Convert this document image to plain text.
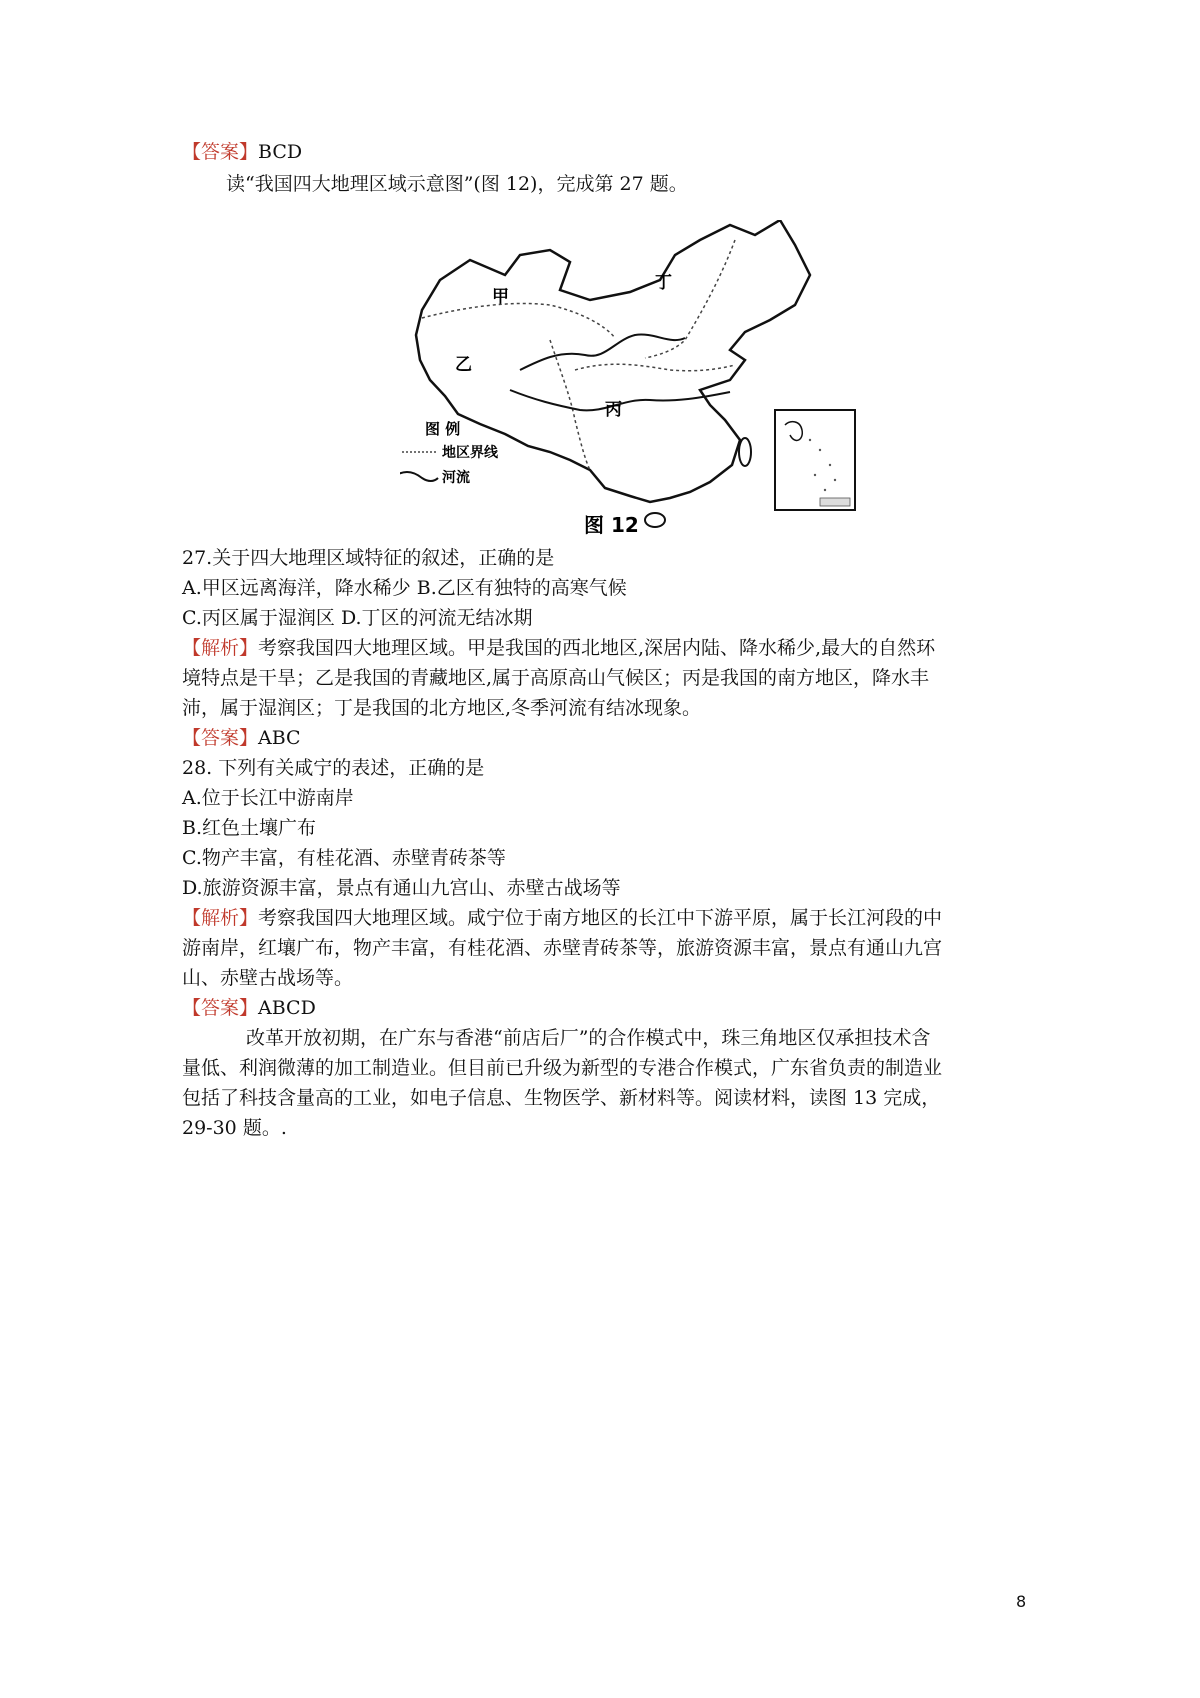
【答案】BCD
读“我国四大地理区域示意图”(图 12)，完成第 27 题。
甲
乙
丙
丁
图 例
地区界线
河流
图 12
27.关于四大地理区域特征的叙述，正确的是
A.甲区远离海洋，降水稀少 B.乙区有独特的高寒气候
C.丙区属于湿润区 D.丁区的河流无结冰期
【解析】考察我国四大地理区域。甲是我国的西北地区,深居内陆、降水稀少,最大的自然环
境特点是干旱；乙是我国的青藏地区,属于高原高山气候区；丙是我国的南方地区，降水丰
沛，属于湿润区；丁是我国的北方地区,冬季河流有结冰现象。
【答案】ABC
28. 下列有关咸宁的表述，正确的是
A.位于长江中游南岸
B.红色土壤广布
C.物产丰富，有桂花酒、赤壁青砖茶等
D.旅游资源丰富，景点有通山九宫山、赤壁古战场等
【解析】考察我国四大地理区域。咸宁位于南方地区的长江中下游平原，属于长江河段的中
游南岸，红壤广布，物产丰富，有桂花酒、赤壁青砖茶等，旅游资源丰富，景点有通山九宫
山、赤壁古战场等。
【答案】ABCD
改革开放初期，在广东与香港“前店后厂”的合作模式中，珠三角地区仅承担技术含
量低、利润微薄的加工制造业。但目前已升级为新型的专港合作模式，广东省负责的制造业
包括了科技含量高的工业，如电子信息、生物医学、新材料等。阅读材料，读图 13 完成，
29-30 题。.
8
